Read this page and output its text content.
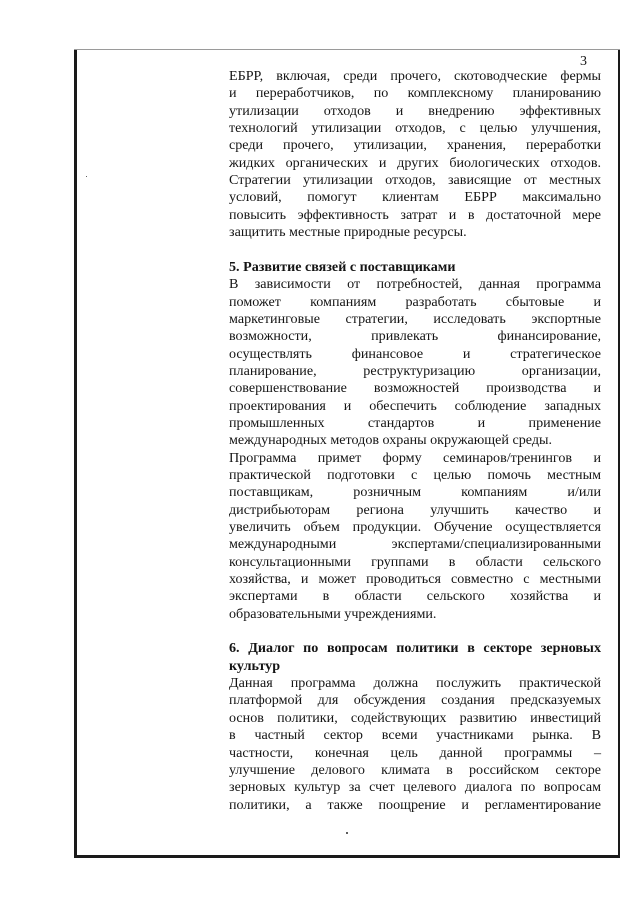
3
ЕБРР, включая, среди прочего, скотоводческие фермы
и переработчиков, по комплексному планированию
утилизации отходов и внедрению эффективных
технологий утилизации отходов, с целью улучшения,
среди прочего, утилизации, хранения, переработки
жидких органических и других биологических отходов.
Стратегии утилизации отходов, зависящие от местных
условий, помогут клиентам ЕБРР максимально
повысить эффективность затрат и в достаточной мере
защитить местные природные ресурсы.
5. Развитие связей с поставщиками
В зависимости от потребностей, данная программа
поможет компаниям разработать сбытовые и
маркетинговые стратегии, исследовать экспортные
возможности, привлекать финансирование,
осуществлять финансовое и стратегическое
планирование, реструктуризацию организации,
совершенствование возможностей производства и
проектирования и обеспечить соблюдение западных
промышленных стандартов и применение
международных методов охраны окружающей среды.
Программа примет форму семинаров/тренингов и
практической подготовки с целью помочь местным
поставщикам, розничным компаниям и/или
дистрибьюторам региона улучшить качество и
увеличить объем продукции. Обучение осуществляется
международными экспертами/специализированными
консультационными группами в области сельского
хозяйства, и может проводиться совместно с местными
экспертами в области сельского хозяйства и
образовательными учреждениями.
6. Диалог по вопросам политики в секторе зерновых
культур
Данная программа должна послужить практической
платформой для обсуждения создания предсказуемых
основ политики, содействующих развитию инвестиций
в частный сектор всеми участниками рынка. В
частности, конечная цель данной программы –
улучшение делового климата в российском секторе
зерновых культур за счет целевого диалога по вопросам
политики, а также поощрение и регламентирование
